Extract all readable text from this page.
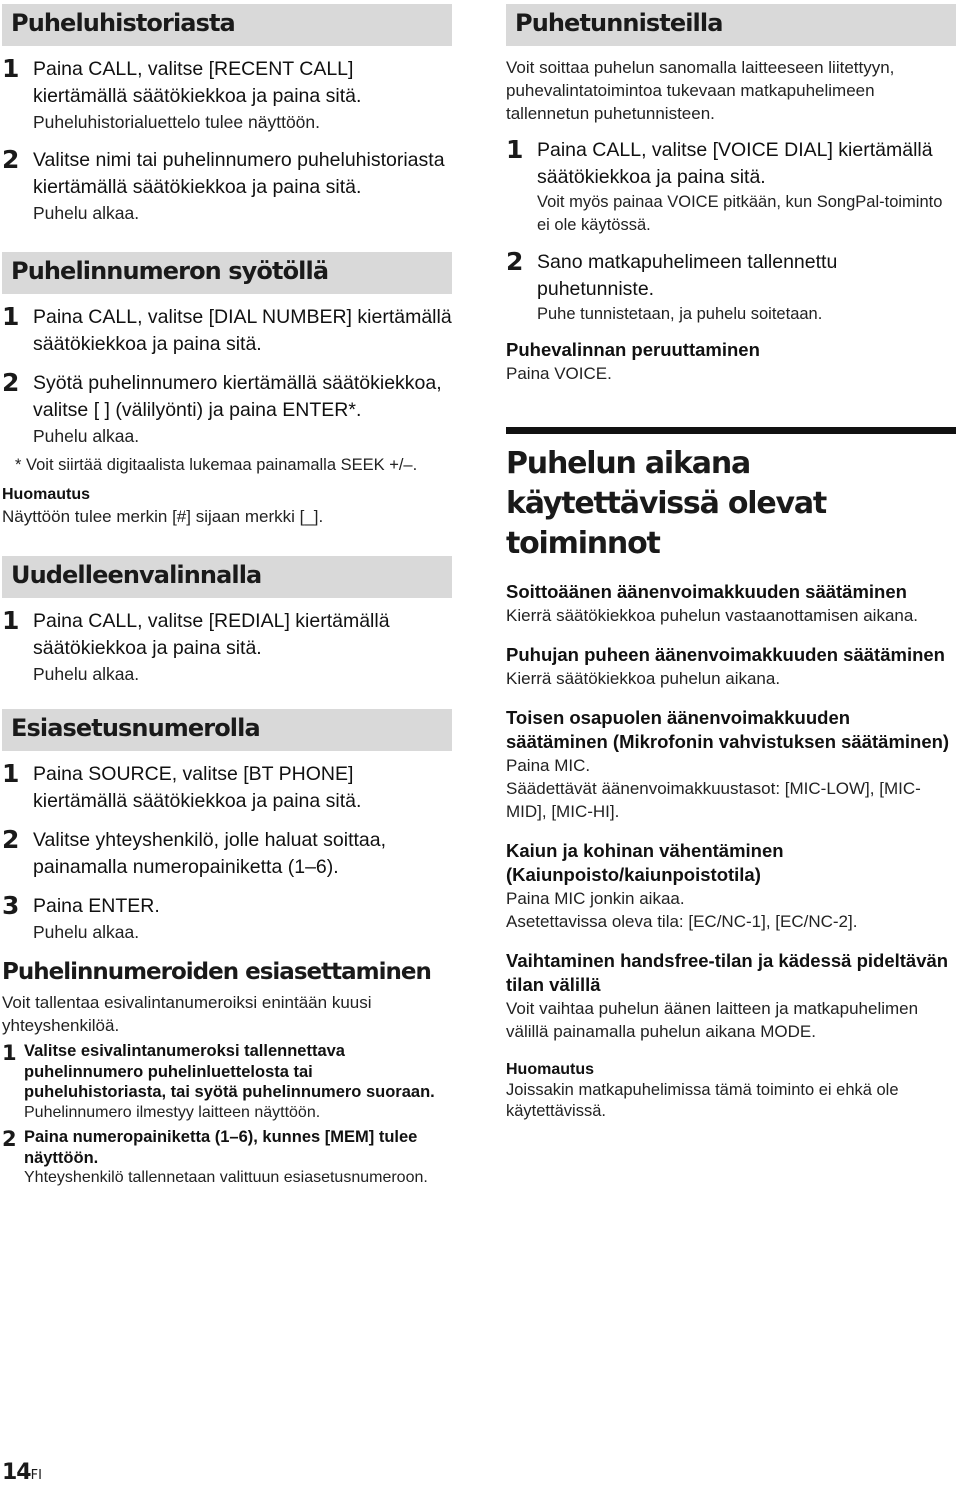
Puheluhistoriasta
1 Paina CALL, valitse [RECENT CALL] kiertämällä säätökiekkoa ja paina sitä.
Puheluhistorialuettelo tulee näyttöön.
2 Valitse nimi tai puhelinnumero puheluhistoriasta kiertämällä säätökiekkoa ja paina sitä.
Puhelu alkaa.
Puhelinnumeron syötöllä
1 Paina CALL, valitse [DIAL NUMBER] kiertämällä säätökiekkoa ja paina sitä.
2 Syötä puhelinnumero kiertämällä säätökiekkoa, valitse [ ] (välilyönti) ja paina ENTER*.
Puhelu alkaa.
* Voit siirtää digitaalista lukemaa painamalla SEEK +/–.
Huomautus
Näyttöön tulee merkin [#] sijaan merkki [_].
Uudelleenvalinnalla
1 Paina CALL, valitse [REDIAL] kiertämällä säätökiekkoa ja paina sitä.
Puhelu alkaa.
Esiasetusnumerolla
1 Paina SOURCE, valitse [BT PHONE] kiertämällä säätökiekkoa ja paina sitä.
2 Valitse yhteyshenkilö, jolle haluat soittaa, painamalla numeropainiketta (1–6).
3 Paina ENTER.
Puhelu alkaa.
Puhelinnumeroiden esiasettaminen
Voit tallentaa esivalintanumeroiksi enintään kuusi yhteyshenkilöä.
1 Valitse esivalintanumeroksi tallennettava puhelinnumero puhelinluettelosta tai puheluhistoriasta, tai syötä puhelinnumero suoraan.
Puhelinnumero ilmestyy laitteen näyttöön.
2 Paina numeropainiketta (1–6), kunnes [MEM] tulee näyttöön.
Yhteyshenkilö tallennetaan valittuun esiasetusnumeroon.
Puhetunnisteilla
Voit soittaa puhelun sanomalla laitteeseen liitettyyn, puhevalintatoimintoa tukevaan matkapuhelimeen tallennetun puhetunnisteen.
1 Paina CALL, valitse [VOICE DIAL] kiertämällä säätökiekkoa ja paina sitä.
Voit myös painaa VOICE pitkään, kun SongPal-toiminto ei ole käytössä.
2 Sano matkapuhelimeen tallennettu puhetunniste.
Puhe tunnistetaan, ja puhelu soitetaan.
Puhevalinnan peruuttaminen
Paina VOICE.
Puhelun aikana käytettävissä olevat toiminnot
Soittoäänen äänenvoimakkuuden säätäminen
Kierrä säätökiekkoa puhelun vastaanottamisen aikana.
Puhujan puheen äänenvoimakkuuden säätäminen
Kierrä säätökiekkoa puhelun aikana.
Toisen osapuolen äänenvoimakkuuden säätäminen (Mikrofonin vahvistuksen säätäminen)
Paina MIC.
Säädettävät äänenvoimakkuustasot: [MIC-LOW], [MIC-MID], [MIC-HI].
Kaiun ja kohinan vähentäminen (Kaiunpoisto/kaiunpoistotila)
Paina MIC jonkin aikaa.
Asetettavissa oleva tila: [EC/NC-1], [EC/NC-2].
Vaihtaminen handsfree-tilan ja kädessä pideltävän tilan välillä
Voit vaihtaa puhelun äänen laitteen ja matkapuhelimen välillä painamalla puhelun aikana MODE.
Huomautus
Joissakin matkapuhelimissa tämä toiminto ei ehkä ole käytettävissä.
14FI
